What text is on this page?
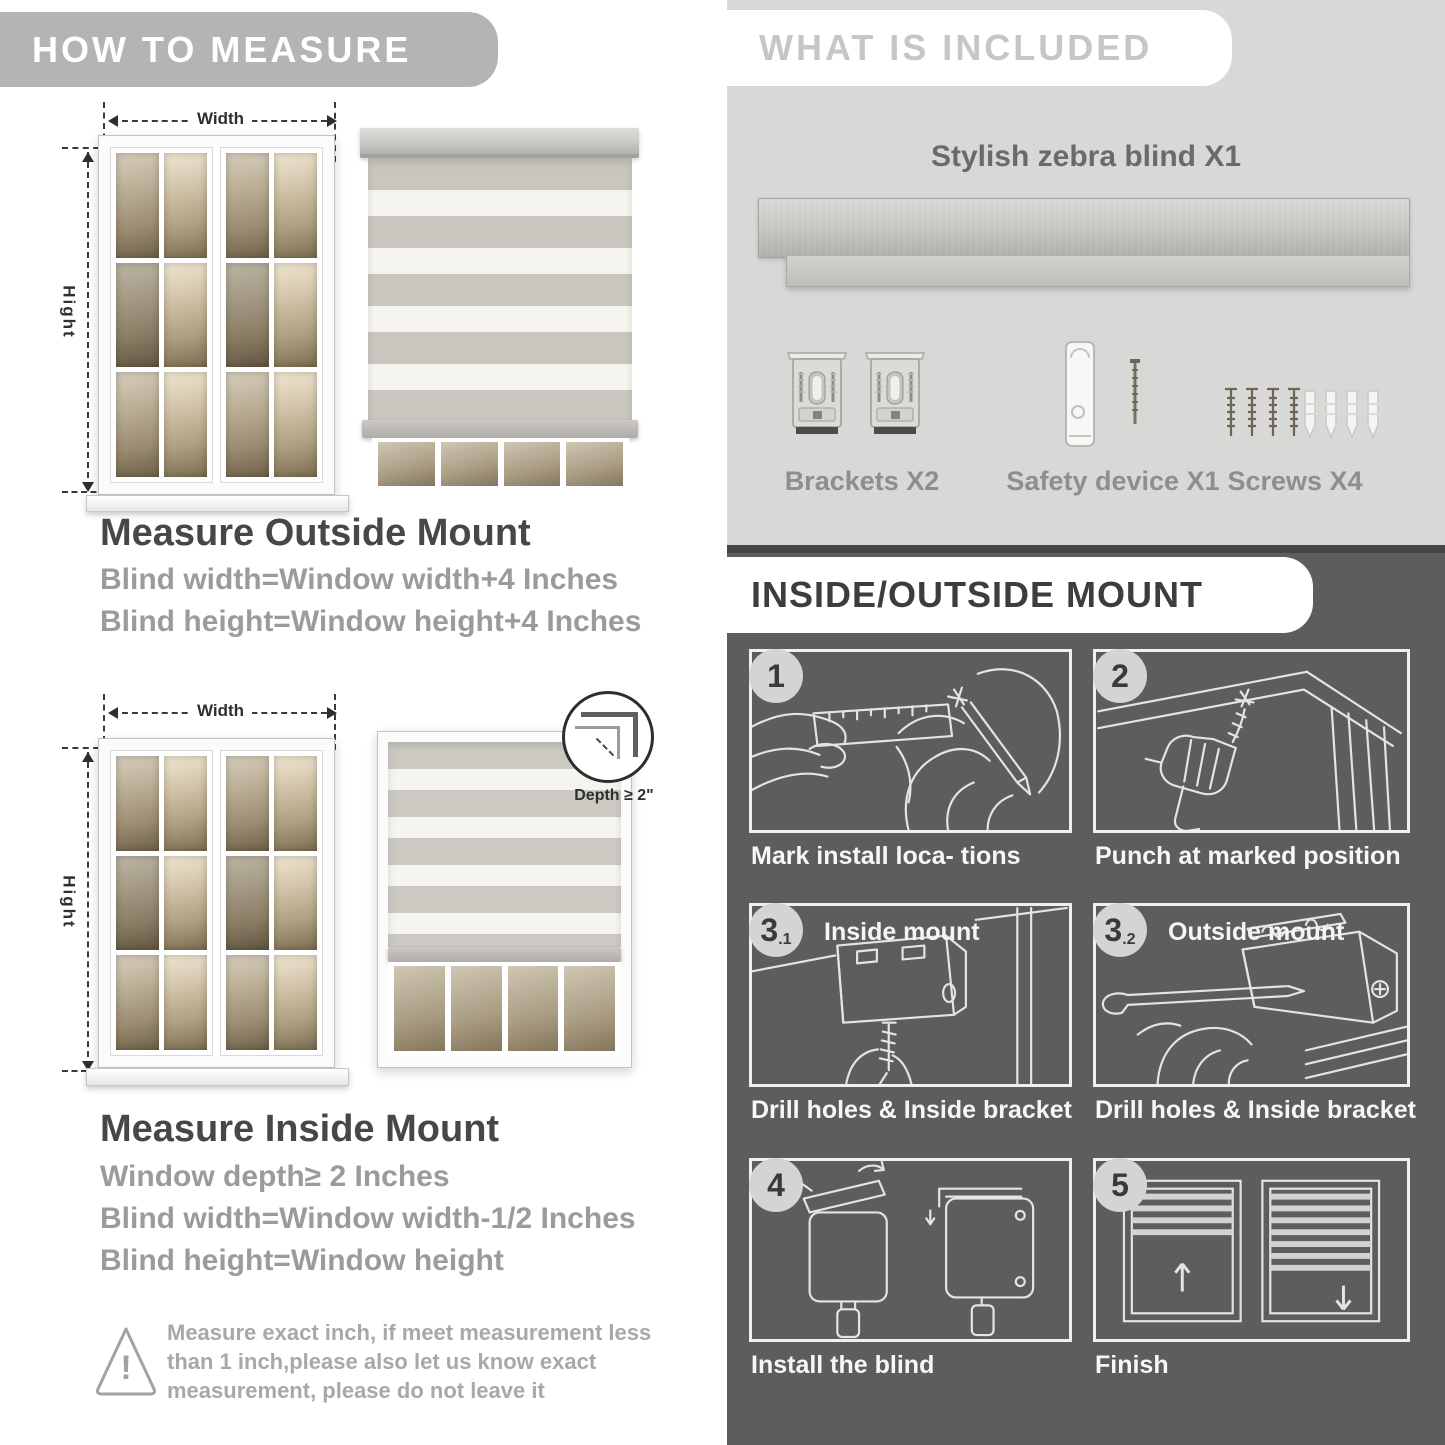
HOW TO MEASURE
Width
Hight
Measure Outside Mount
Blind width=Window width+4 Inches
Blind height=Window height+4 Inches
Width
Hight
Depth ≥ 2"
Measure Inside Mount
Window depth≥ 2 Inches
Blind width=Window width-1/2 Inches
Blind height=Window height
!
Measure exact inch, if meet measurement less
than 1 inch,please also let us know exact
measurement, please do not leave it
WHAT IS INCLUDED
Stylish zebra blind X1
Brackets X2	Safety device X1 Screws X4
INSIDE/OUTSIDE MOUNT
1
Mark install loca- tions
2
Punch at marked position
3 .1 Inside mount
Drill holes & Inside bracket
3 .2 Outside mount
Drill holes & Inside bracket
4
Install the blind
5
Finish
